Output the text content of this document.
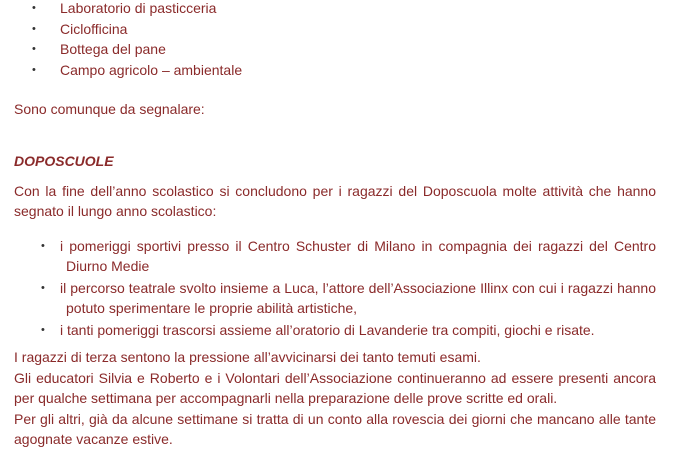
• Laboratorio di pasticceria
• Ciclofficina
• Bottega del pane
• Campo agricolo – ambientale
Sono comunque da segnalare:
DOPOSCUOLE
Con la fine dell’anno scolastico si concludono per i ragazzi del Doposcuola molte attività che hanno segnato il lungo anno scolastico:
•	i pomeriggi sportivi presso il Centro Schuster di Milano in compagnia dei ragazzi del Centro Diurno Medie
•	il percorso teatrale svolto insieme a Luca, l’attore dell’Associazione Illinx con cui i ragazzi hanno potuto sperimentare le proprie abilità artistiche,
•	i tanti pomeriggi trascorsi assieme all’oratorio di Lavanderie tra compiti, giochi e risate.
I ragazzi di terza sentono la pressione all’avvicinarsi dei tanto temuti esami.
Gli educatori Silvia e Roberto e i Volontari dell’Associazione continueranno ad essere presenti ancora per qualche settimana per accompagnarli nella preparazione delle prove scritte ed orali.
Per gli altri, già da alcune settimane si tratta di un conto alla rovescia dei giorni che mancano alle tante agognate vacanze estive.
